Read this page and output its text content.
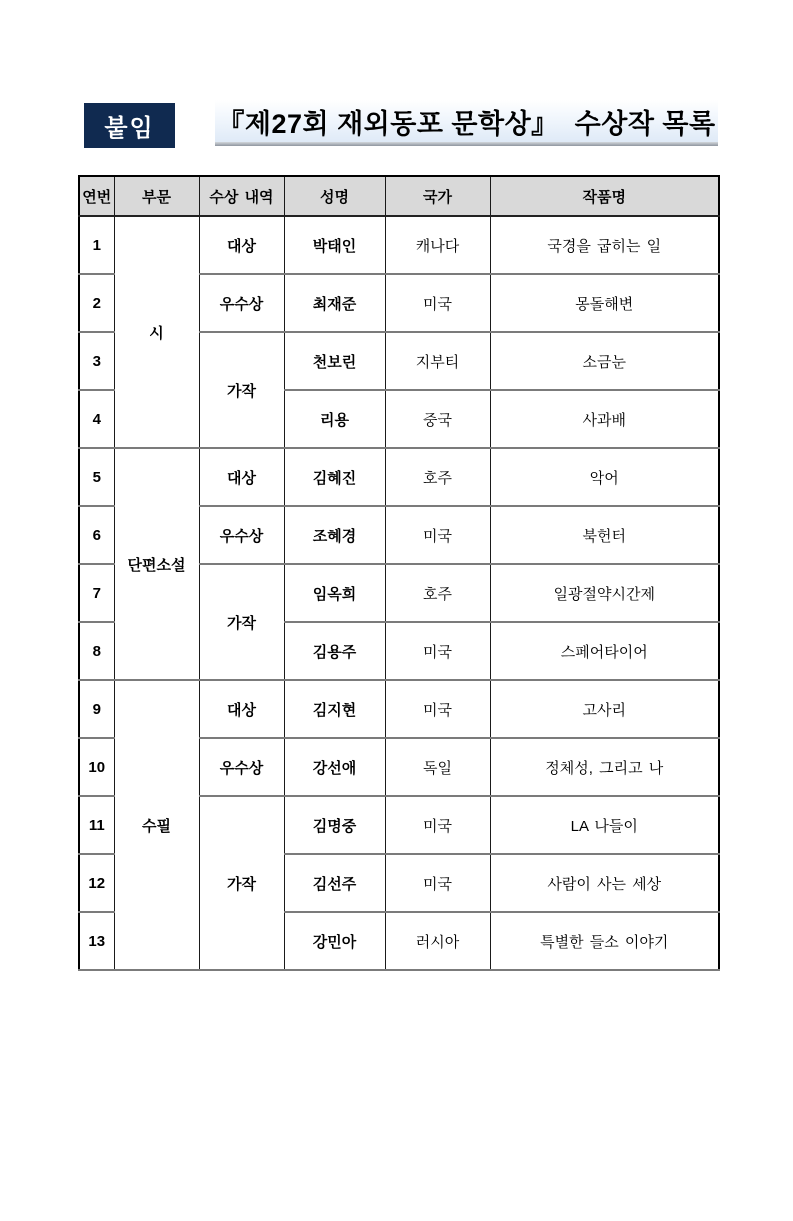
붙임 『제27회 재외동포 문학상』  수상작 목록
연번	부문	수상 내역	성명	국가	작품명
1	시	대상	박태인	캐나다	국경을 굽히는 일
2		우수상	최재준	미국	몽돌해변
3		가작	천보린	지부티	소금눈
4			리용	중국	사과배
5	단편소설	대상	김혜진	호주	악어
6		우수상	조혜경	미국	북헌터
7		가작	임옥희	호주	일광절약시간제
8			김용주	미국	스페어타이어
9	수필	대상	김지현	미국	고사리
10		우수상	강선애	독일	정체성, 그리고 나
11		가작	김명중	미국	LA 나들이
12			김선주	미국	사람이 사는 세상
13			강민아	러시아	특별한 들소 이야기
